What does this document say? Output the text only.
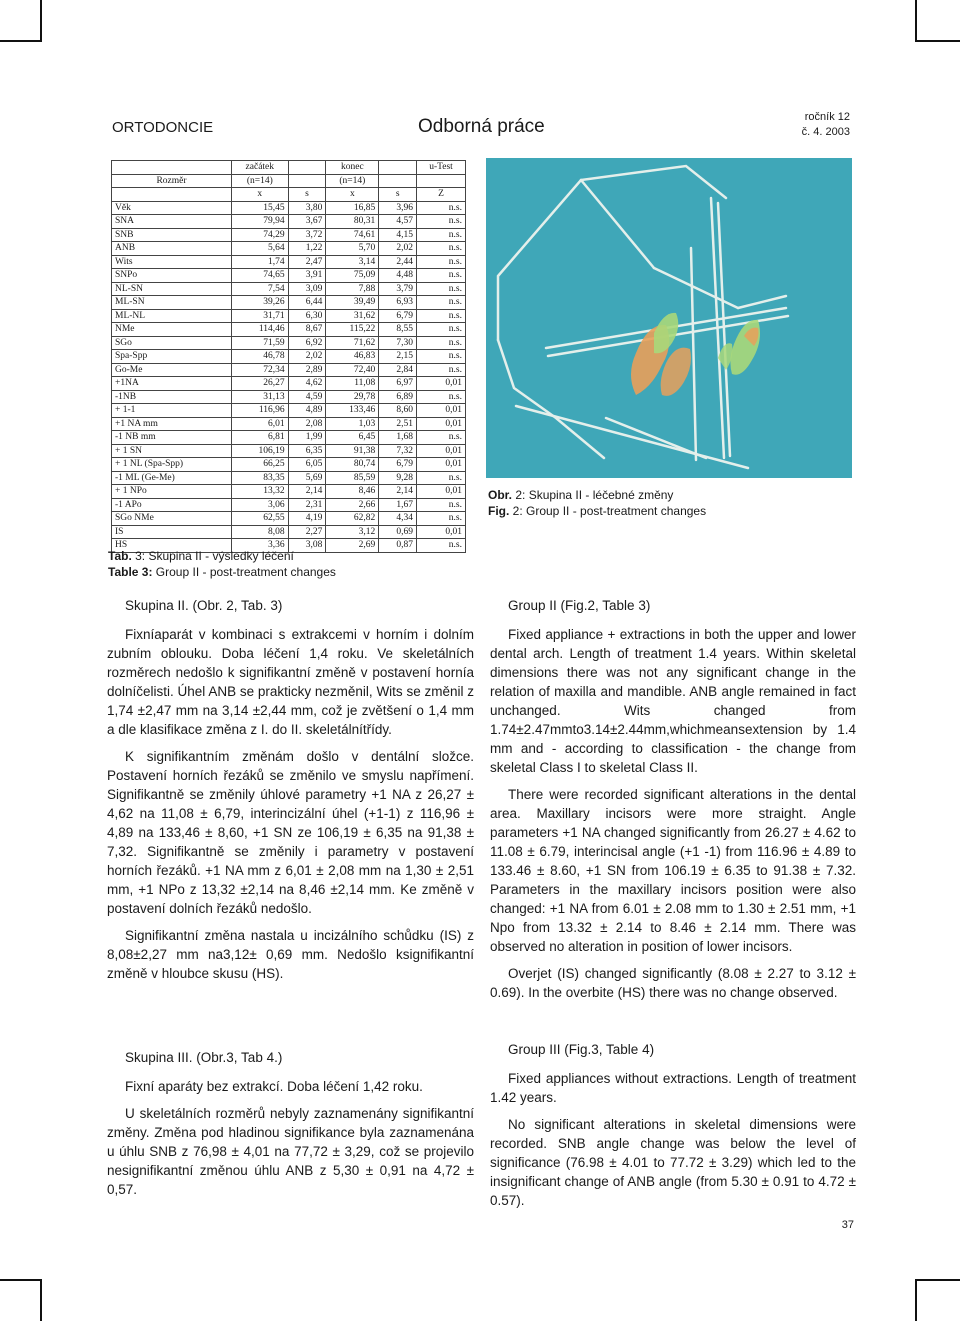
ORTODONCIE	Odborná práce	ročník 12
č. 4. 2003
	začátek		konec		u-Test
Rozměr	(n=14)		(n=14)		
	x	s	x	s	Z
Věk	15,45	3,80	16,85	3,96	n.s.
SNA	79,94	3,67	80,31	4,57	n.s.
SNB	74,29	3,72	74,61	4,15	n.s.
ANB	5,64	1,22	5,70	2,02	n.s.
Wits	1,74	2,47	3,14	2,44	n.s.
SNPo	74,65	3,91	75,09	4,48	n.s.
NL-SN	7,54	3,09	7,88	3,79	n.s.
ML-SN	39,26	6,44	39,49	6,93	n.s.
ML-NL	31,71	6,30	31,62	6,79	n.s.
NMe	114,46	8,67	115,22	8,55	n.s.
SGo	71,59	6,92	71,62	7,30	n.s.
Spa-Spp	46,78	2,02	46,83	2,15	n.s.
Go-Me	72,34	2,89	72,40	2,84	n.s.
+1NA	26,27	4,62	11,08	6,97	0,01
-1NB	31,13	4,59	29,78	6,89	n.s.
+ 1-1	116,96	4,89	133,46	8,60	0,01
+1 NA mm	6,01	2,08	1,03	2,51	0,01
-1 NB mm	6,81	1,99	6,45	1,68	n.s.
+ 1 SN	106,19	6,35	91,38	7,32	0,01
+ 1 NL (Spa-Spp)	66,25	6,05	80,74	6,79	0,01
-1 ML (Ge-Me)	83,35	5,69	85,59	9,28	n.s.
+ 1 NPo	13,32	2,14	8,46	2,14	0,01
-1 APo	3,06	2,31	2,66	1,67	n.s.
SGo NMe	62,55	4,19	62,82	4,34	n.s.
IS	8,08	2,27	3,12	0,69	0,01
HS	3,36	3,08	2,69	0,87	n.s.
Tab. 3: Skupina II - výsledky léčení
Table 3: Group II - post-treatment changes
Obr. 2: Skupina II - léčebné změny
Fig. 2: Group II - post-treatment changes

Skupina II. (Obr. 2, Tab. 3)

Fixníaparát v kombinaci s extrakcemi v horním i dolním zubním oblouku. Doba léčení 1,4 roku. Ve skeletálních rozměrech nedošlo k signifikantní změně v postavení hornía dolníčelisti. Úhel ANB se prakticky nezměnil, Wits se změnil z 1,74 ±2,47 mm na 3,14 ±2,44 mm, což je zvětšení o 1,4 mm a dle klasifikace změna z I. do II. skeletálnítřídy.

K signifikantním změnám došlo v dentální složce. Postavení horních řezáků se změnilo ve smyslu napřímení. Signifikantně se změnily úhlové parametry +1 NA z 26,27 ± 4,62 na 11,08 ± 6,79, interincizální úhel (+1-1) z 116,96 ± 4,89 na 133,46 ± 8,60, +1 SN ze 106,19 ± 6,35 na 91,38 ± 7,32. Signifikantně se změnily i parametry v postavení horních řezáků. +1 NA mm z 6,01 ± 2,08 mm na 1,30 ± 2,51 mm, +1 NPo z 13,32 ±2,14 na 8,46 ±2,14 mm. Ke změně v postavení dolních řezáků nedošlo.

Signifikantní změna nastala u incizálního schůdku (IS) z 8,08±2,27 mm na3,12± 0,69 mm. Nedošlo ksignifikantní změně v hloubce skusu (HS).

Skupina III. (Obr.3, Tab 4.)

Fixní aparáty bez extrakcí. Doba léčení 1,42 roku.

U skeletálních rozměrů nebyly zaznamenány signifikantní změny. Změna pod hladinou signifikance byla zaznamenána u úhlu SNB z 76,98 ± 4,01 na 77,72 ± 3,29, což se projevilo nesignifikantní změnou úhlu ANB z 5,30 ± 0,91 na 4,72 ± 0,57.

Group II (Fig.2, Table 3)

Fixed appliance + extractions in both the upper and lower dental arch. Length of treatment 1.4 years. Within skeletal dimensions there was not any significant change in the relation of maxilla and mandible. ANB angle remained in fact unchanged. Wits changed from 1.74±2.47mmto3.14±2.44mm,whichmeansextension by 1.4 mm and - according to classification - the change from skeletal Class I to skeletal Class II.

There were recorded significant alterations in the dental area. Maxillary incisors were more straight. Angle parameters +1 NA changed significantly from 26.27 ± 4.62 to 11.08 ± 6.79, interincisal angle (+1 -1) from 116.96 ± 4.89 to 133.46 ± 8.60, +1 SN from 106.19 ± 6.35 to 91.38 ± 7.32. Parameters in the maxillary incisors position were also changed: +1 NA from 6.01 ± 2.08 mm to 1.30 ± 2.51 mm, +1 Npo from 13.32 ± 2.14 to 8.46 ± 2.14 mm. There was observed no alteration in position of lower incisors.

Overjet (IS) changed significantly (8.08 ± 2.27 to 3.12 ± 0.69). In the overbite (HS) there was no change observed.

Group III (Fig.3, Table 4)

Fixed appliances without extractions. Length of treatment 1.42 years.

No significant alterations in skeletal dimensions were recorded. SNB angle change was below the level of significance (76.98 ± 4.01 to 77.72 ± 3.29) which led to the insignificant change of ANB angle (from 5.30 ± 0.91 to 4.72 ± 0.57).

37
